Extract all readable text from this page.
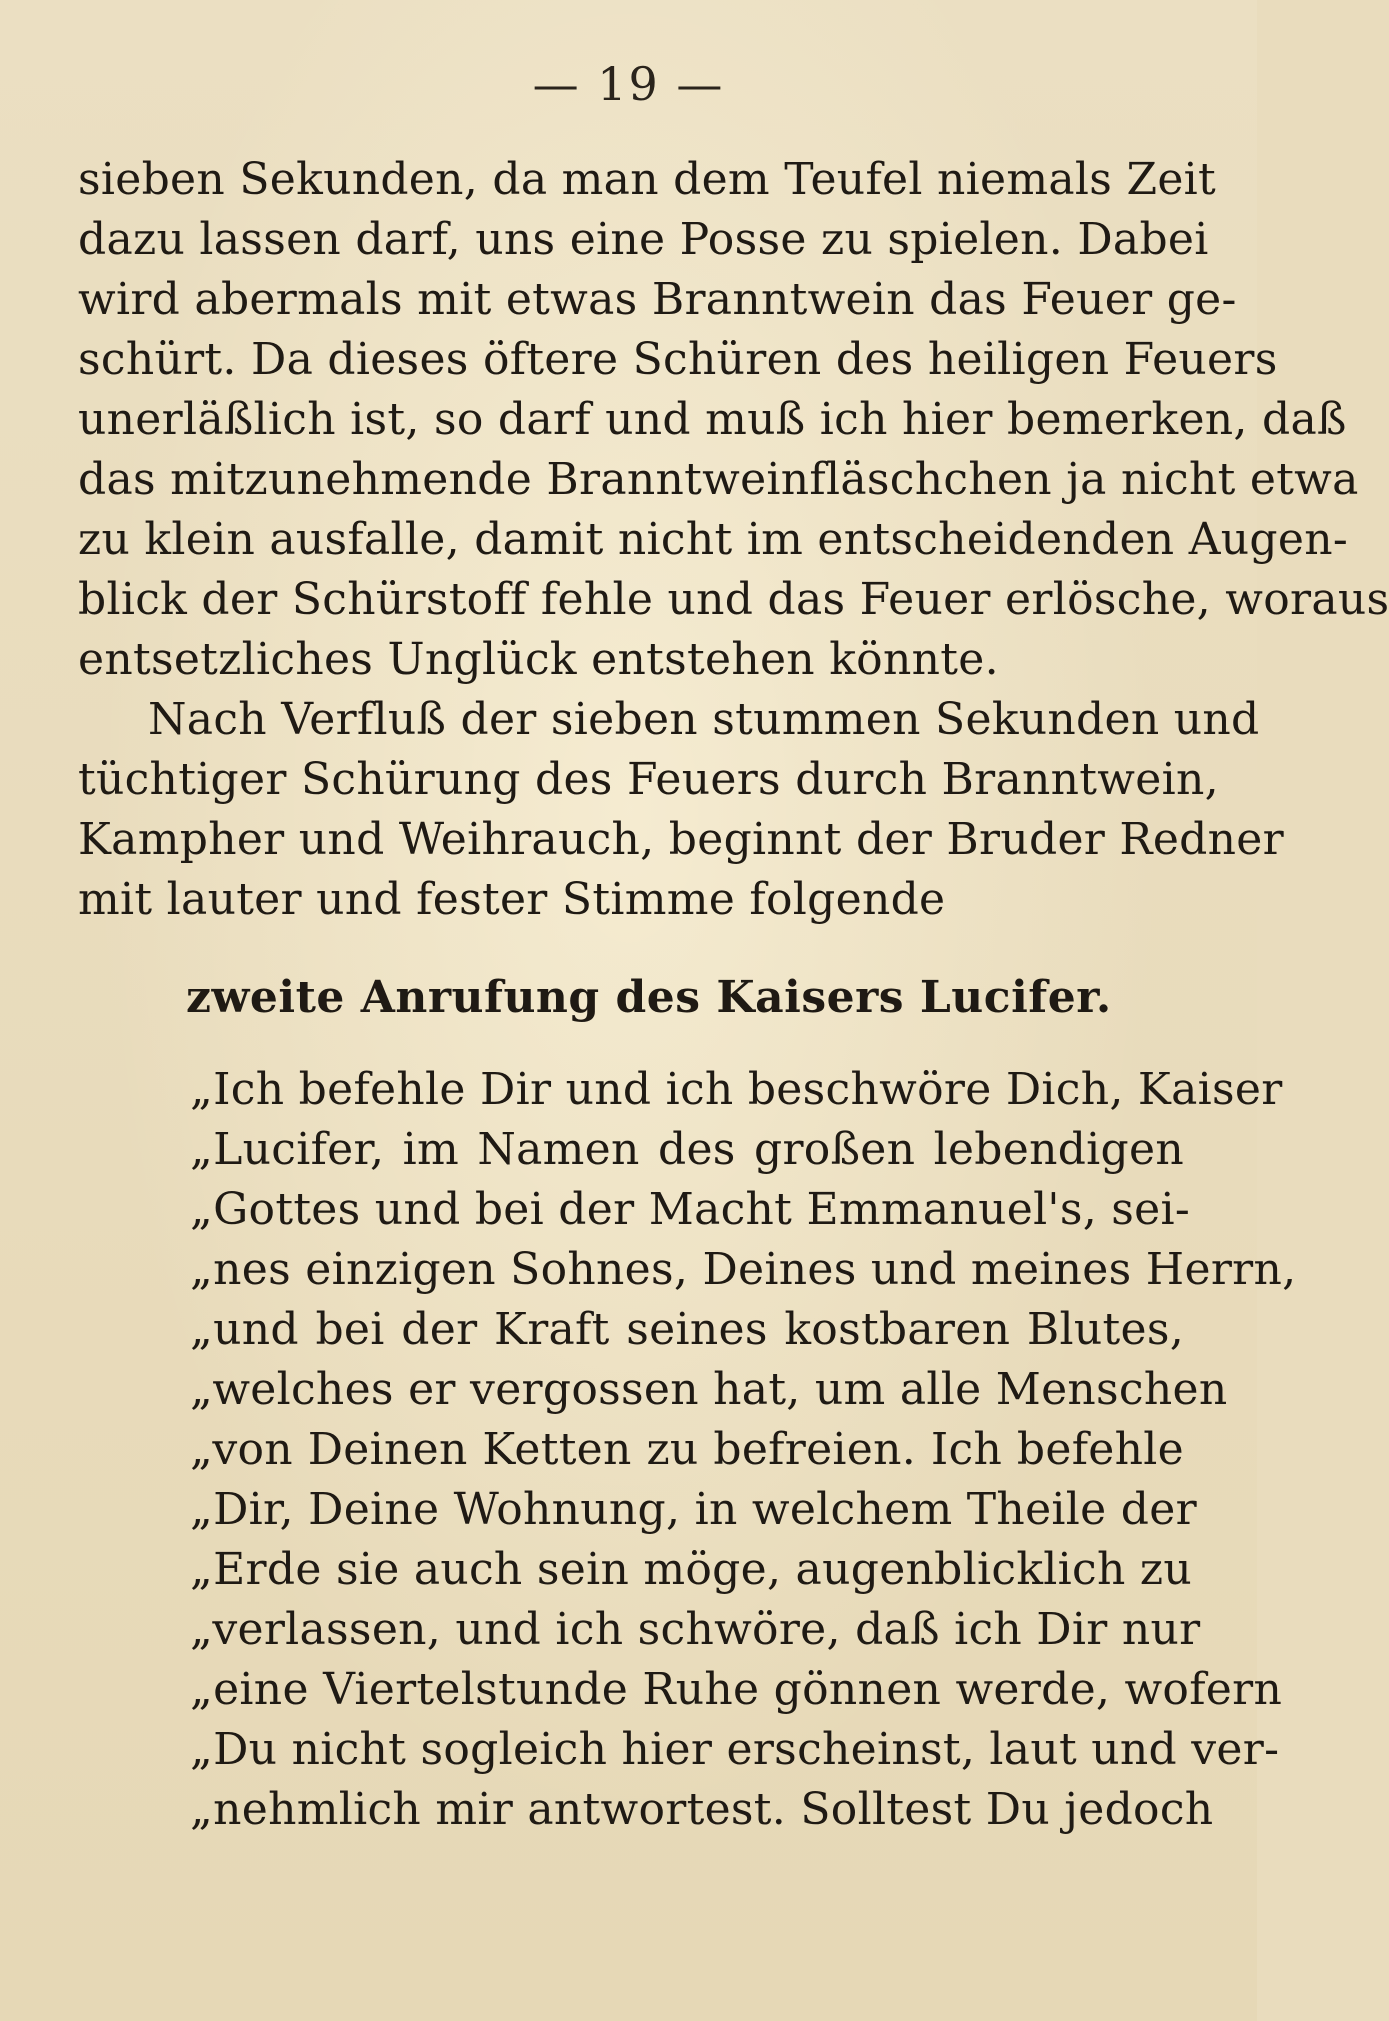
— 19 —
sieben Sekunden, da man dem Teufel niemals Zeit
dazu lassen darf, uns eine Posse zu spielen. Dabei
wird abermals mit etwas Branntwein das Feuer ge-
schürt. Da dieses öftere Schüren des heiligen Feuers
unerläßlich ist, so darf und muß ich hier bemerken, daß
das mitzunehmende Branntweinfläschchen ja nicht etwa
zu klein ausfalle, damit nicht im entscheidenden Augen-
blick der Schürstoff fehle und das Feuer erlösche, woraus
entsetzliches Unglück entstehen könnte.
Nach Verfluß der sieben stummen Sekunden und
tüchtiger Schürung des Feuers durch Branntwein,
Kampher und Weihrauch, beginnt der Bruder Redner
mit lauter und fester Stimme folgende
zweite Anrufung des Kaisers Lucifer.
„Ich befehle Dir und ich beschwöre Dich, Kaiser
„Lucifer, im Namen des großen lebendigen
„Gottes und bei der Macht Emmanuel's, sei-
„nes einzigen Sohnes, Deines und meines Herrn,
„und bei der Kraft seines kostbaren Blutes,
„welches er vergossen hat, um alle Menschen
„von Deinen Ketten zu befreien. Ich befehle
„Dir, Deine Wohnung, in welchem Theile der
„Erde sie auch sein möge, augenblicklich zu
„verlassen, und ich schwöre, daß ich Dir nur
„eine Viertelstunde Ruhe gönnen werde, wofern
„Du nicht sogleich hier erscheinst, laut und ver-
„nehmlich mir antwortest. Solltest Du jedoch
